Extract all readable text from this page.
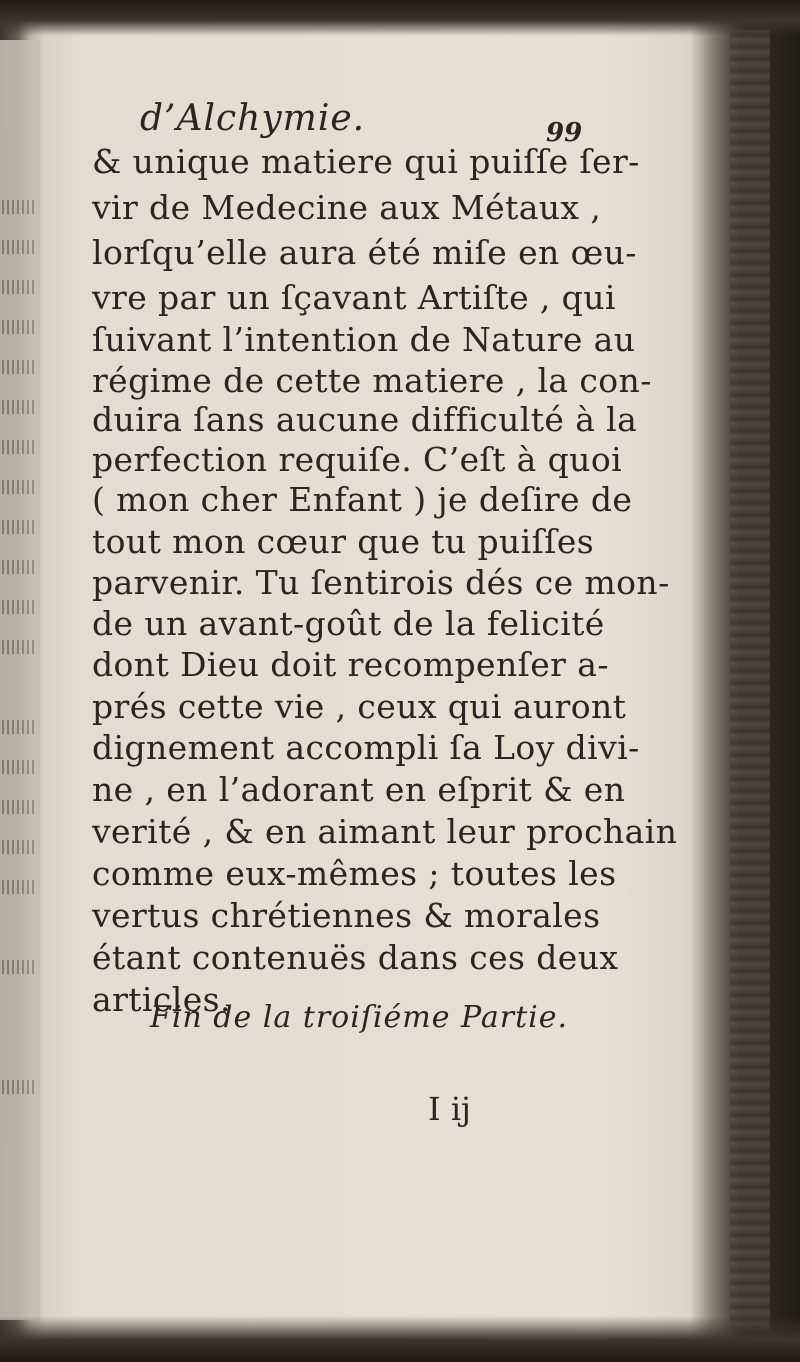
d’Alchymie.	99
& unique matiere qui puiſſe ſer-
vir de Medecine aux Métaux ,
lorſqu’elle aura été miſe en œu-
vre par un ſçavant Artiſte , qui
ſuivant l’intention de Nature au
régime de cette matiere , la con-
duira ſans aucune difficulté à la
perfection requiſe. C’eſt à quoi
( mon cher Enfant ) je deſire de
tout mon cœur que tu puiſſes
parvenir. Tu ſentirois dés ce mon-
de un avant-goût de la felicité
dont Dieu doit recompenſer a-
prés cette vie , ceux qui auront
dignement accompli ſa Loy divi-
ne , en l’adorant en eſprit & en
verité , & en aimant leur prochain
comme eux-mêmes ; toutes les
vertus chrétiennes & morales
étant contenuës dans ces deux
articles.
Fin de la troiſiéme Partie.
I ij
